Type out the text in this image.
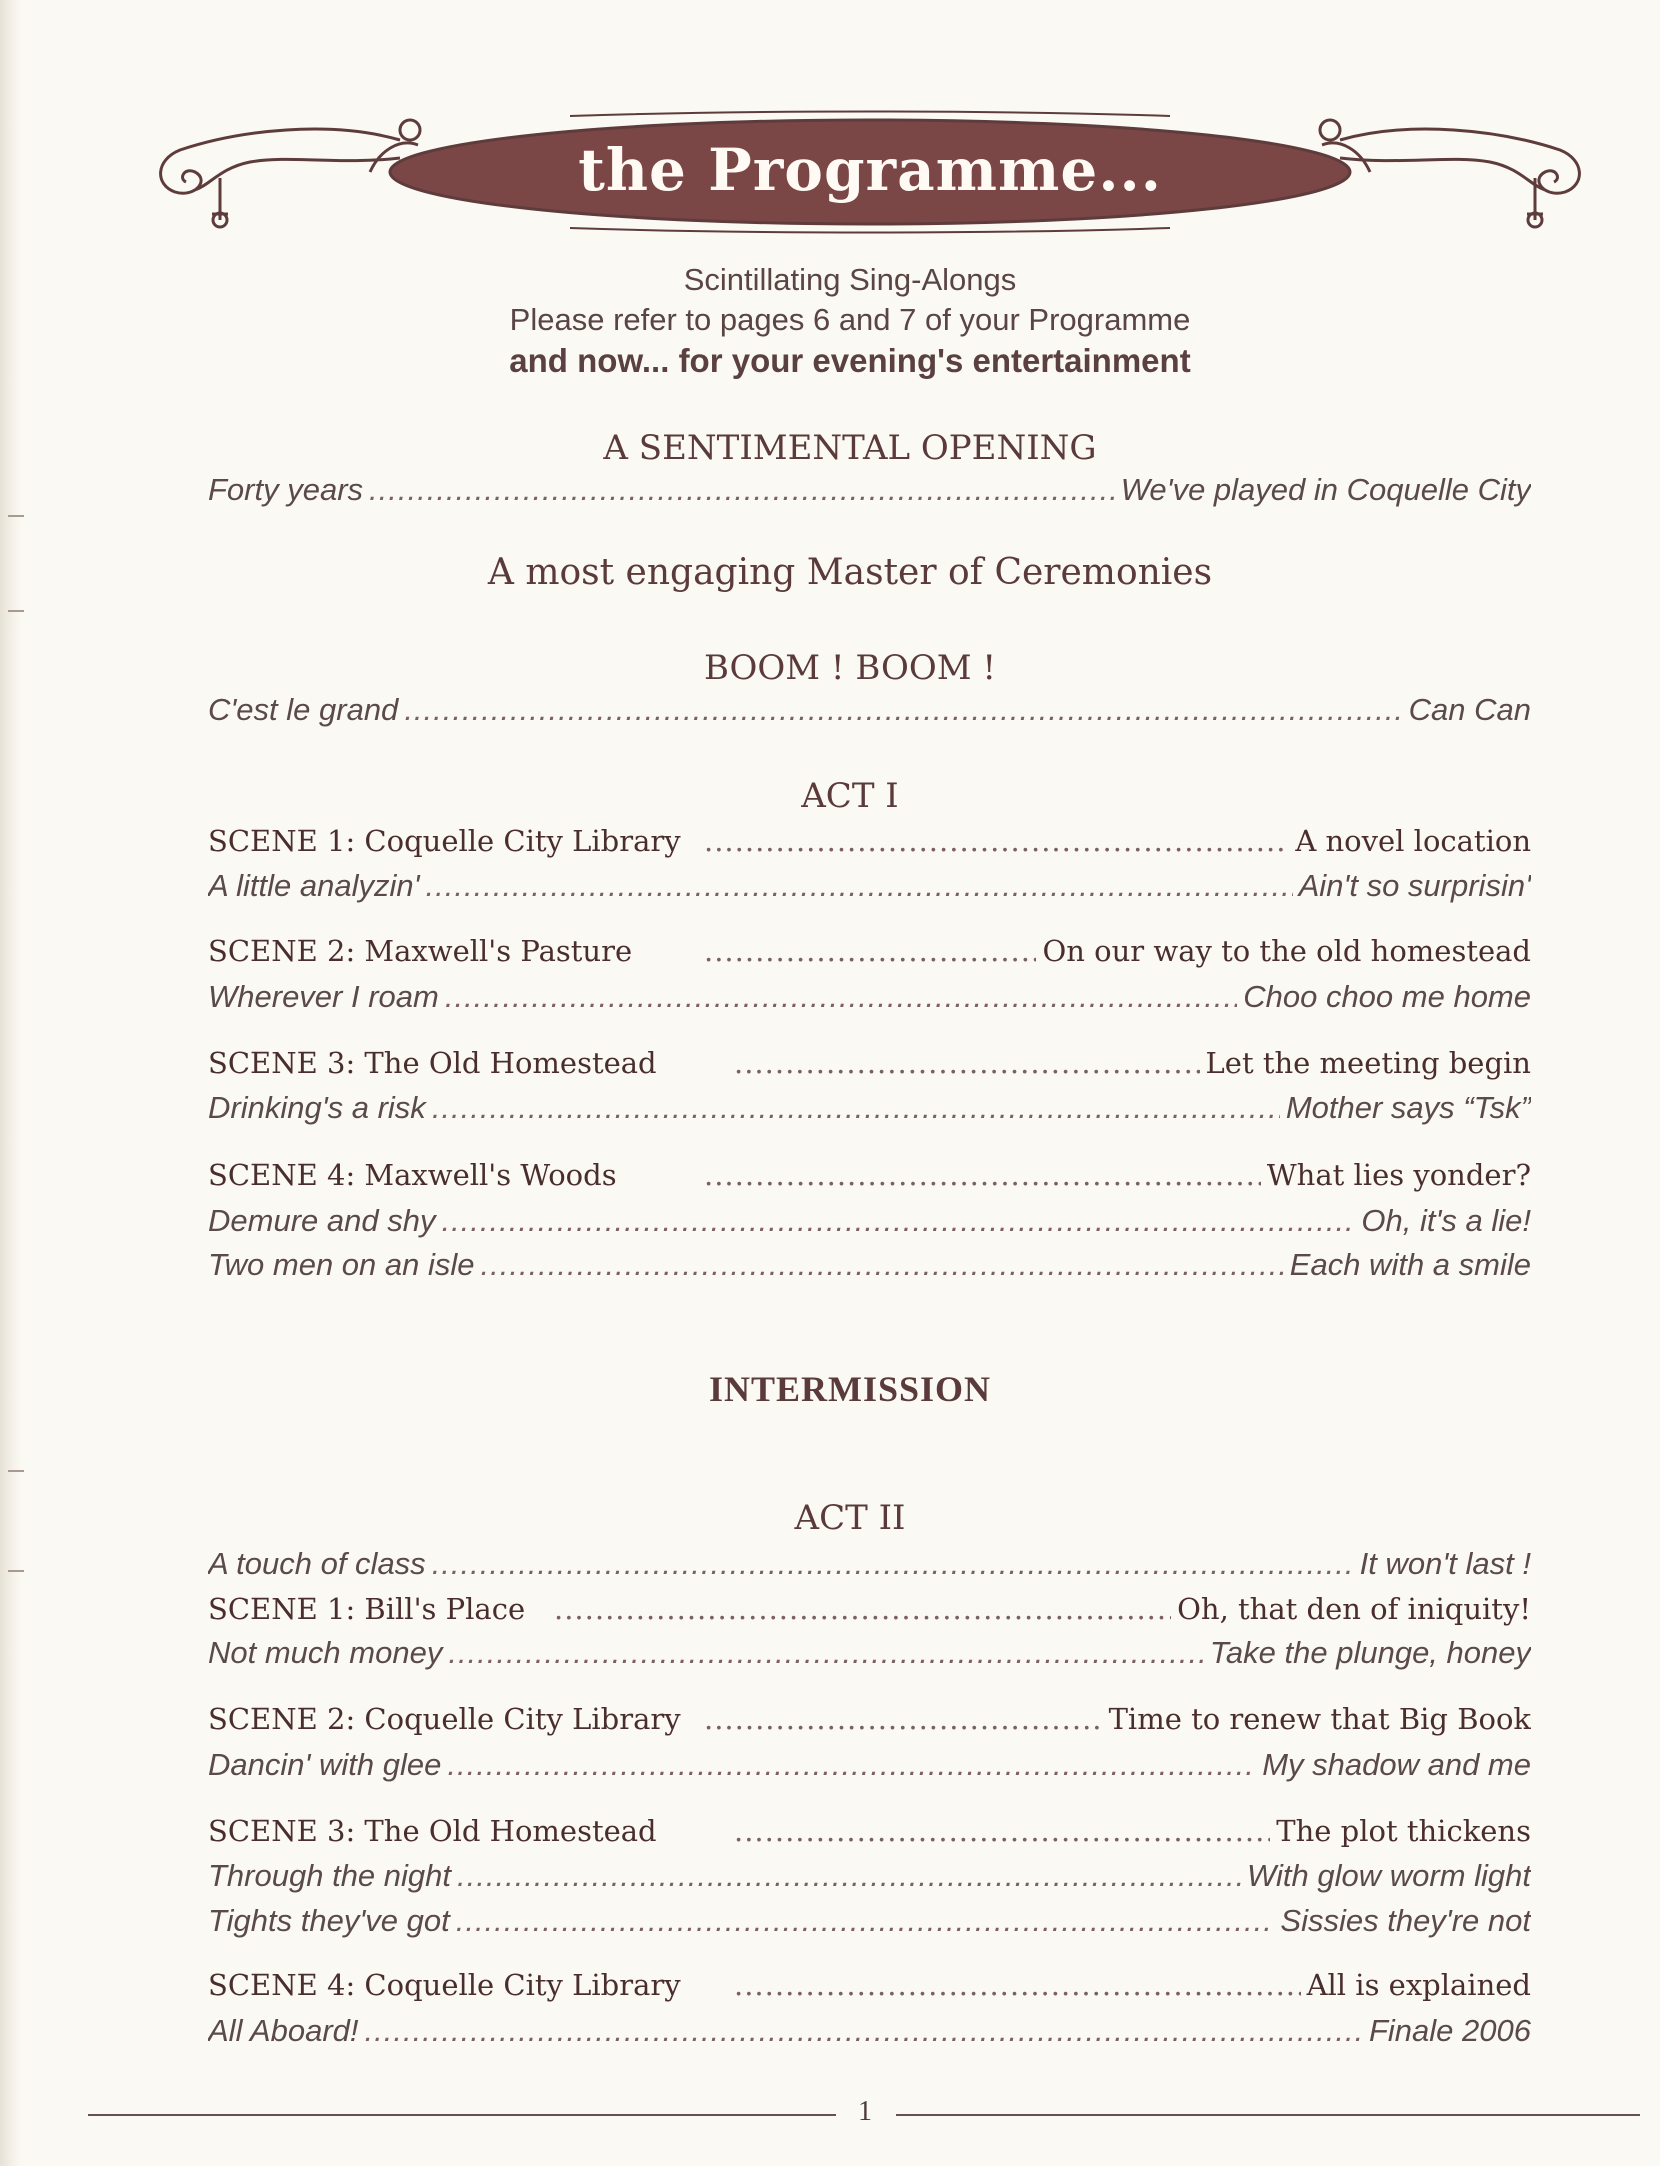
the Programme...
Scintillating Sing-Alongs
Please refer to pages 6 and 7 of your Programme
and now... for your evening's entertainment
A SENTIMENTAL OPENING
Forty years .....	We've played in Coquelle City
A most engaging Master of Ceremonies
BOOM ! BOOM !
C'est le grand .....	Can Can
ACT I
SCENE 1: Coquelle City Library .....	A novel location
A little analyzin' .....	Ain't so surprisin'
SCENE 2: Maxwell's Pasture .....	On our way to the old homestead
Wherever I roam .....	Choo choo me home
SCENE 3: The Old Homestead .....	Let the meeting begin
Drinking's a risk .....	Mother says “Tsk”
SCENE 4: Maxwell's Woods .....	What lies yonder?
Demure and shy .....	Oh, it's a lie!
Two men on an isle .....	Each with a smile
INTERMISSION
ACT II
A touch of class .....	It won't last !
SCENE 1: Bill's Place .....	Oh, that den of iniquity!
Not much money .....	Take the plunge, honey
SCENE 2: Coquelle City Library .....	Time to renew that Big Book
Dancin' with glee .....	My shadow and me
SCENE 3: The Old Homestead .....	The plot thickens
Through the night .....	With glow worm light
Tights they've got .....	Sissies they're not
SCENE 4: Coquelle City Library .....	All is explained
All Aboard! .....	Finale 2006
1
